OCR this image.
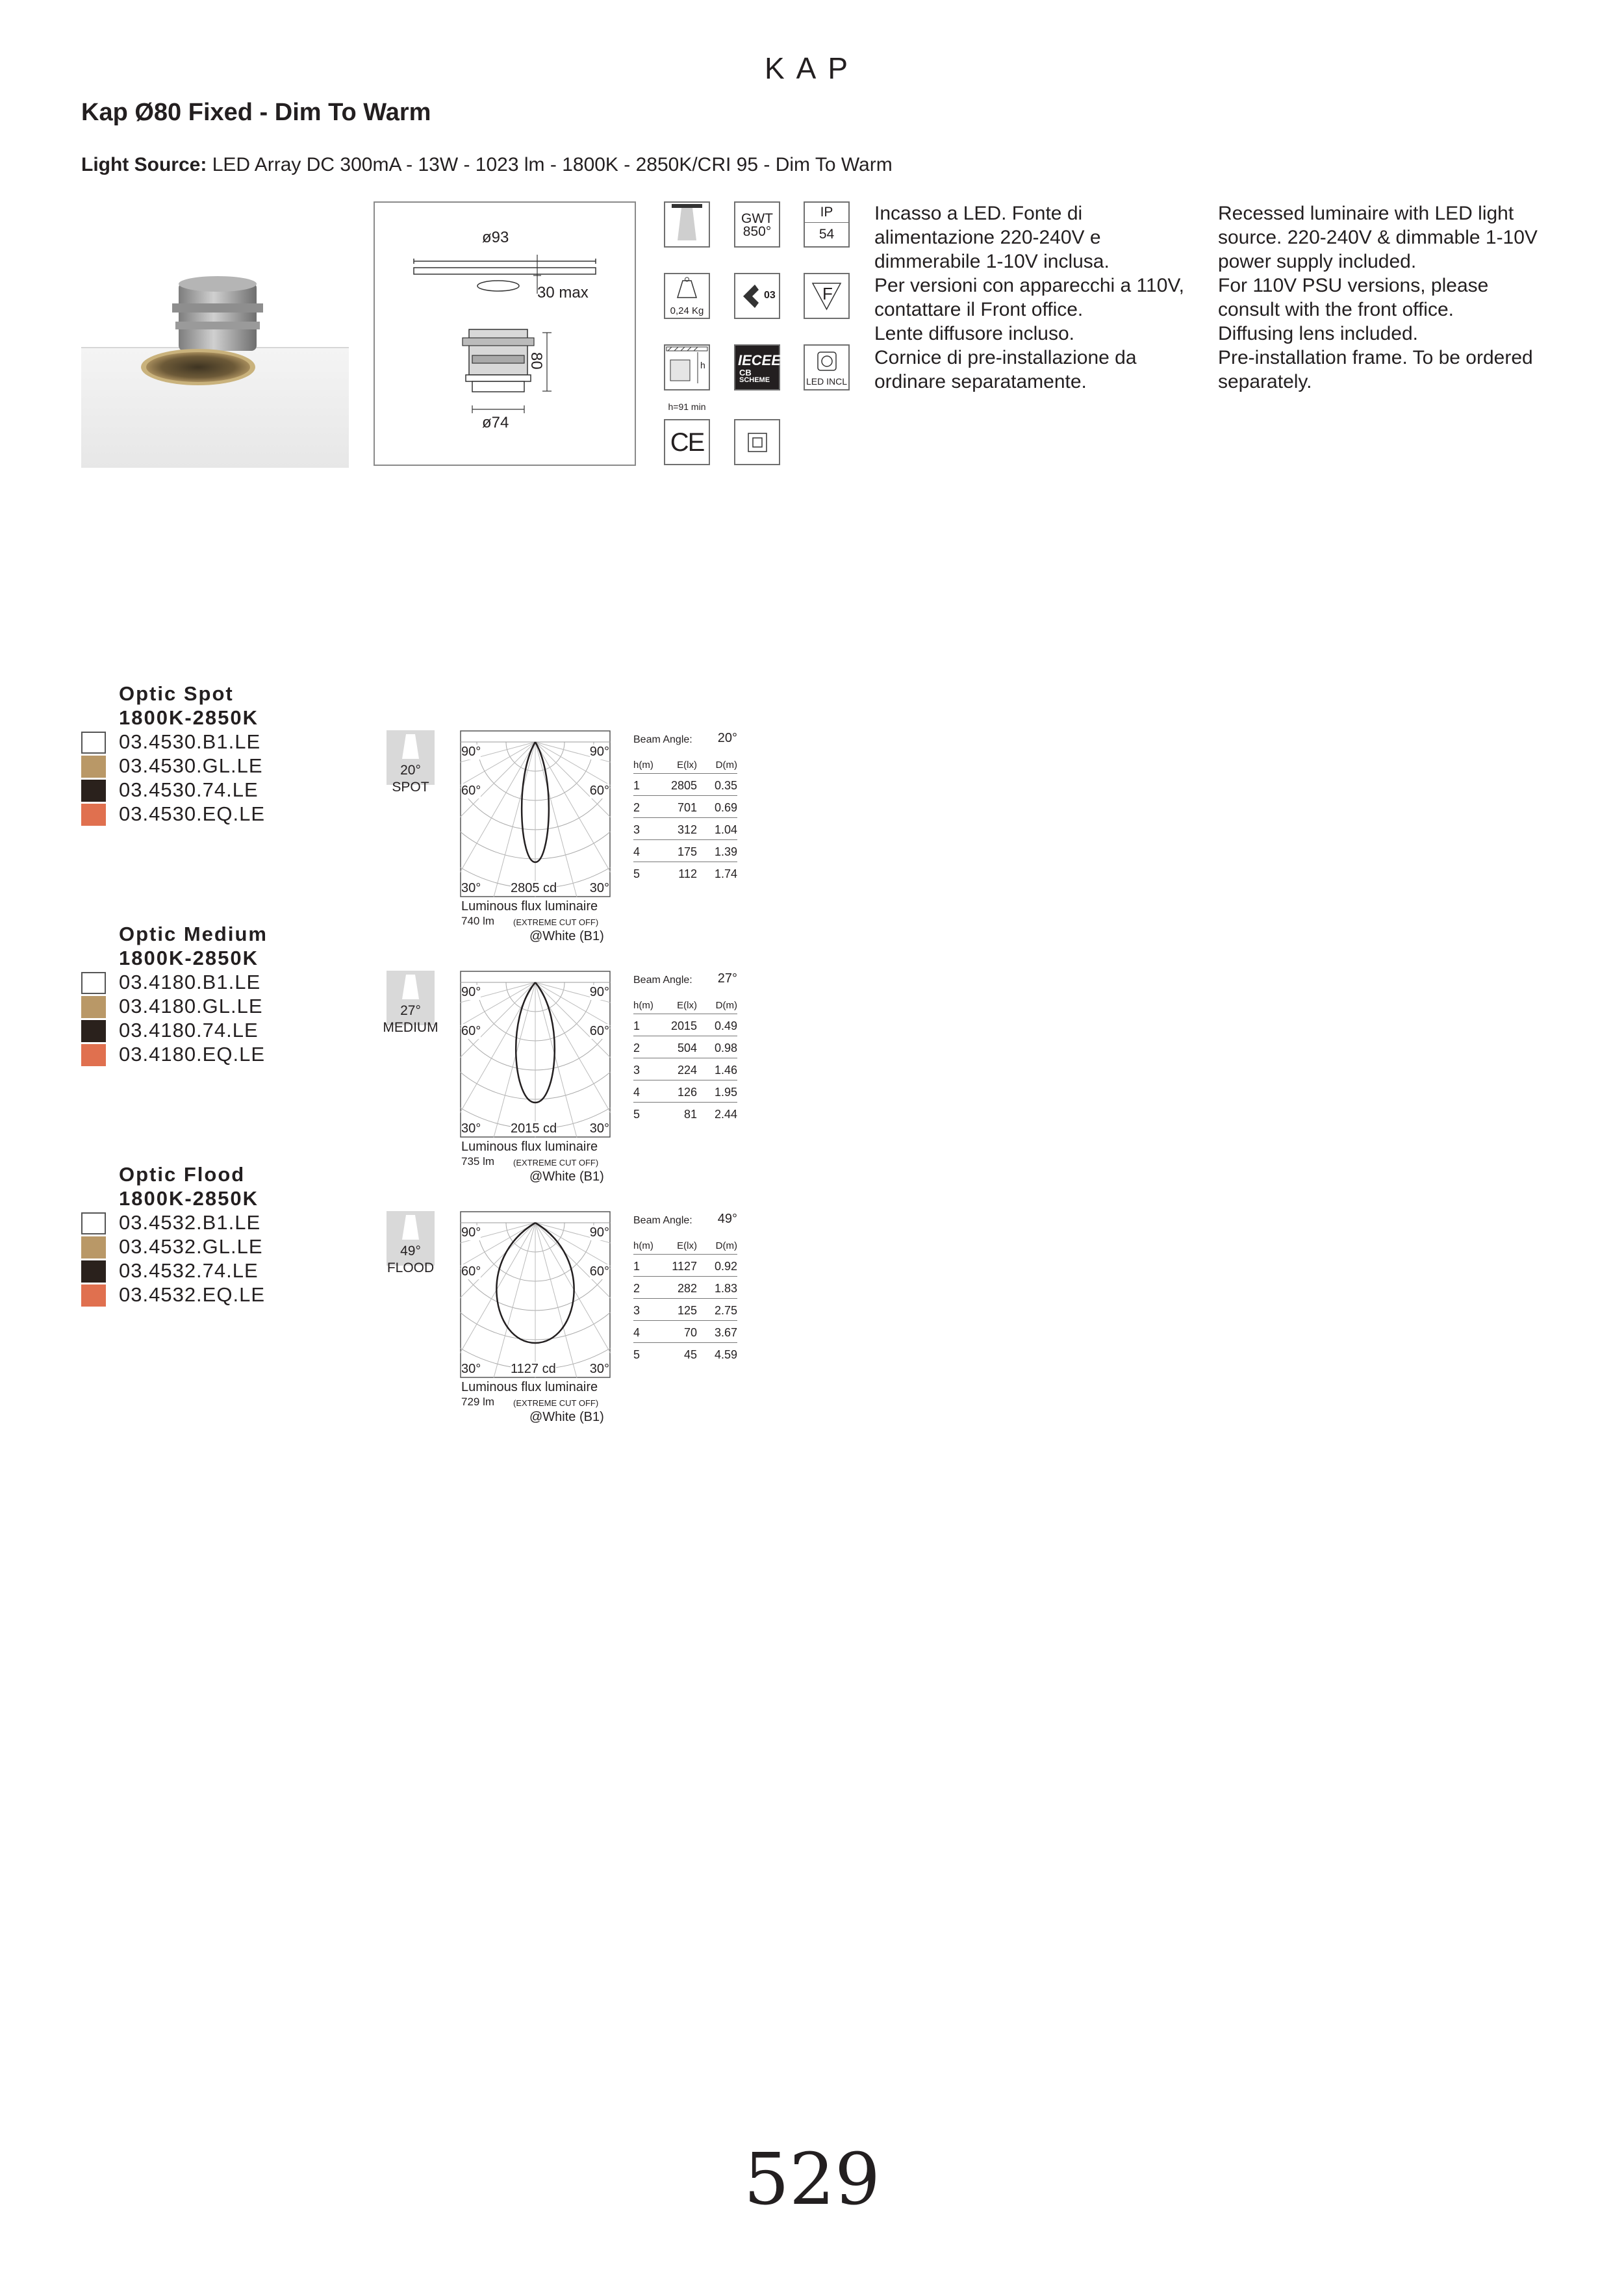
KAP
Kap Ø80 Fixed - Dim To Warm
Light Source: LED Array DC 300mA - 13W - 1023 lm - 1800K - 2850K/CRI 95 - Dim To Warm
ø93
30 max
80
ø74
GWT
850°
IP
54
0,24 Kg
03	F
h
h=91 min
IECEE
CB
SCHEME	LED INCL
CE
Incasso a LED. Fonte di
alimentazione 220-240V e
dimmerabile 1-10V inclusa.
Per versioni con apparecchi a 110V,
contattare il Front office.
Lente diffusore incluso.
Cornice di pre-installazione da
ordinare separatamente.
Recessed luminaire with LED light
source. 220-240V & dimmable 1-10V
power supply included.
For 110V PSU versions, please
consult with the front office.
Diffusing lens included.
Pre-installation frame. To be ordered
separately.
Optic Spot
1800K-2850K
03.4530.B1.LE
03.4530.GL.LE
03.4530.74.LE
03.4530.EQ.LE
20°
SPOT
90°	90°
60°	60°
30°	30°
2805 cd
Luminous flux luminaire
740 lm (EXTREME CUT OFF)
@White (B1)
Beam Angle: 20°
h(m) E(lx) D(m)
1	2805 0.35
2	701 0.69
3	312 1.04
4	175 1.39
5	112 1.74
Optic Medium
1800K-2850K
03.4180.B1.LE
03.4180.GL.LE
03.4180.74.LE
03.4180.EQ.LE
27°
MEDIUM
90°	90°
60°	60°
30°	30°
2015 cd
Luminous flux luminaire
735 lm (EXTREME CUT OFF)
@White (B1)
Beam Angle: 27°
h(m) E(lx) D(m)
1	2015 0.49
2	504 0.98
3	224 1.46
4	126 1.95
5	81 2.44
Optic Flood
1800K-2850K
03.4532.B1.LE
03.4532.GL.LE
03.4532.74.LE
03.4532.EQ.LE
49°
FLOOD
90°	90°
60°	60°
30°	30°
1127 cd
Luminous flux luminaire
729 lm (EXTREME CUT OFF)
@White (B1)
Beam Angle: 49°
h(m) E(lx) D(m)
1	1127 0.92
2	282 1.83
3	125 2.75
4	70 3.67
5	45 4.59
529
